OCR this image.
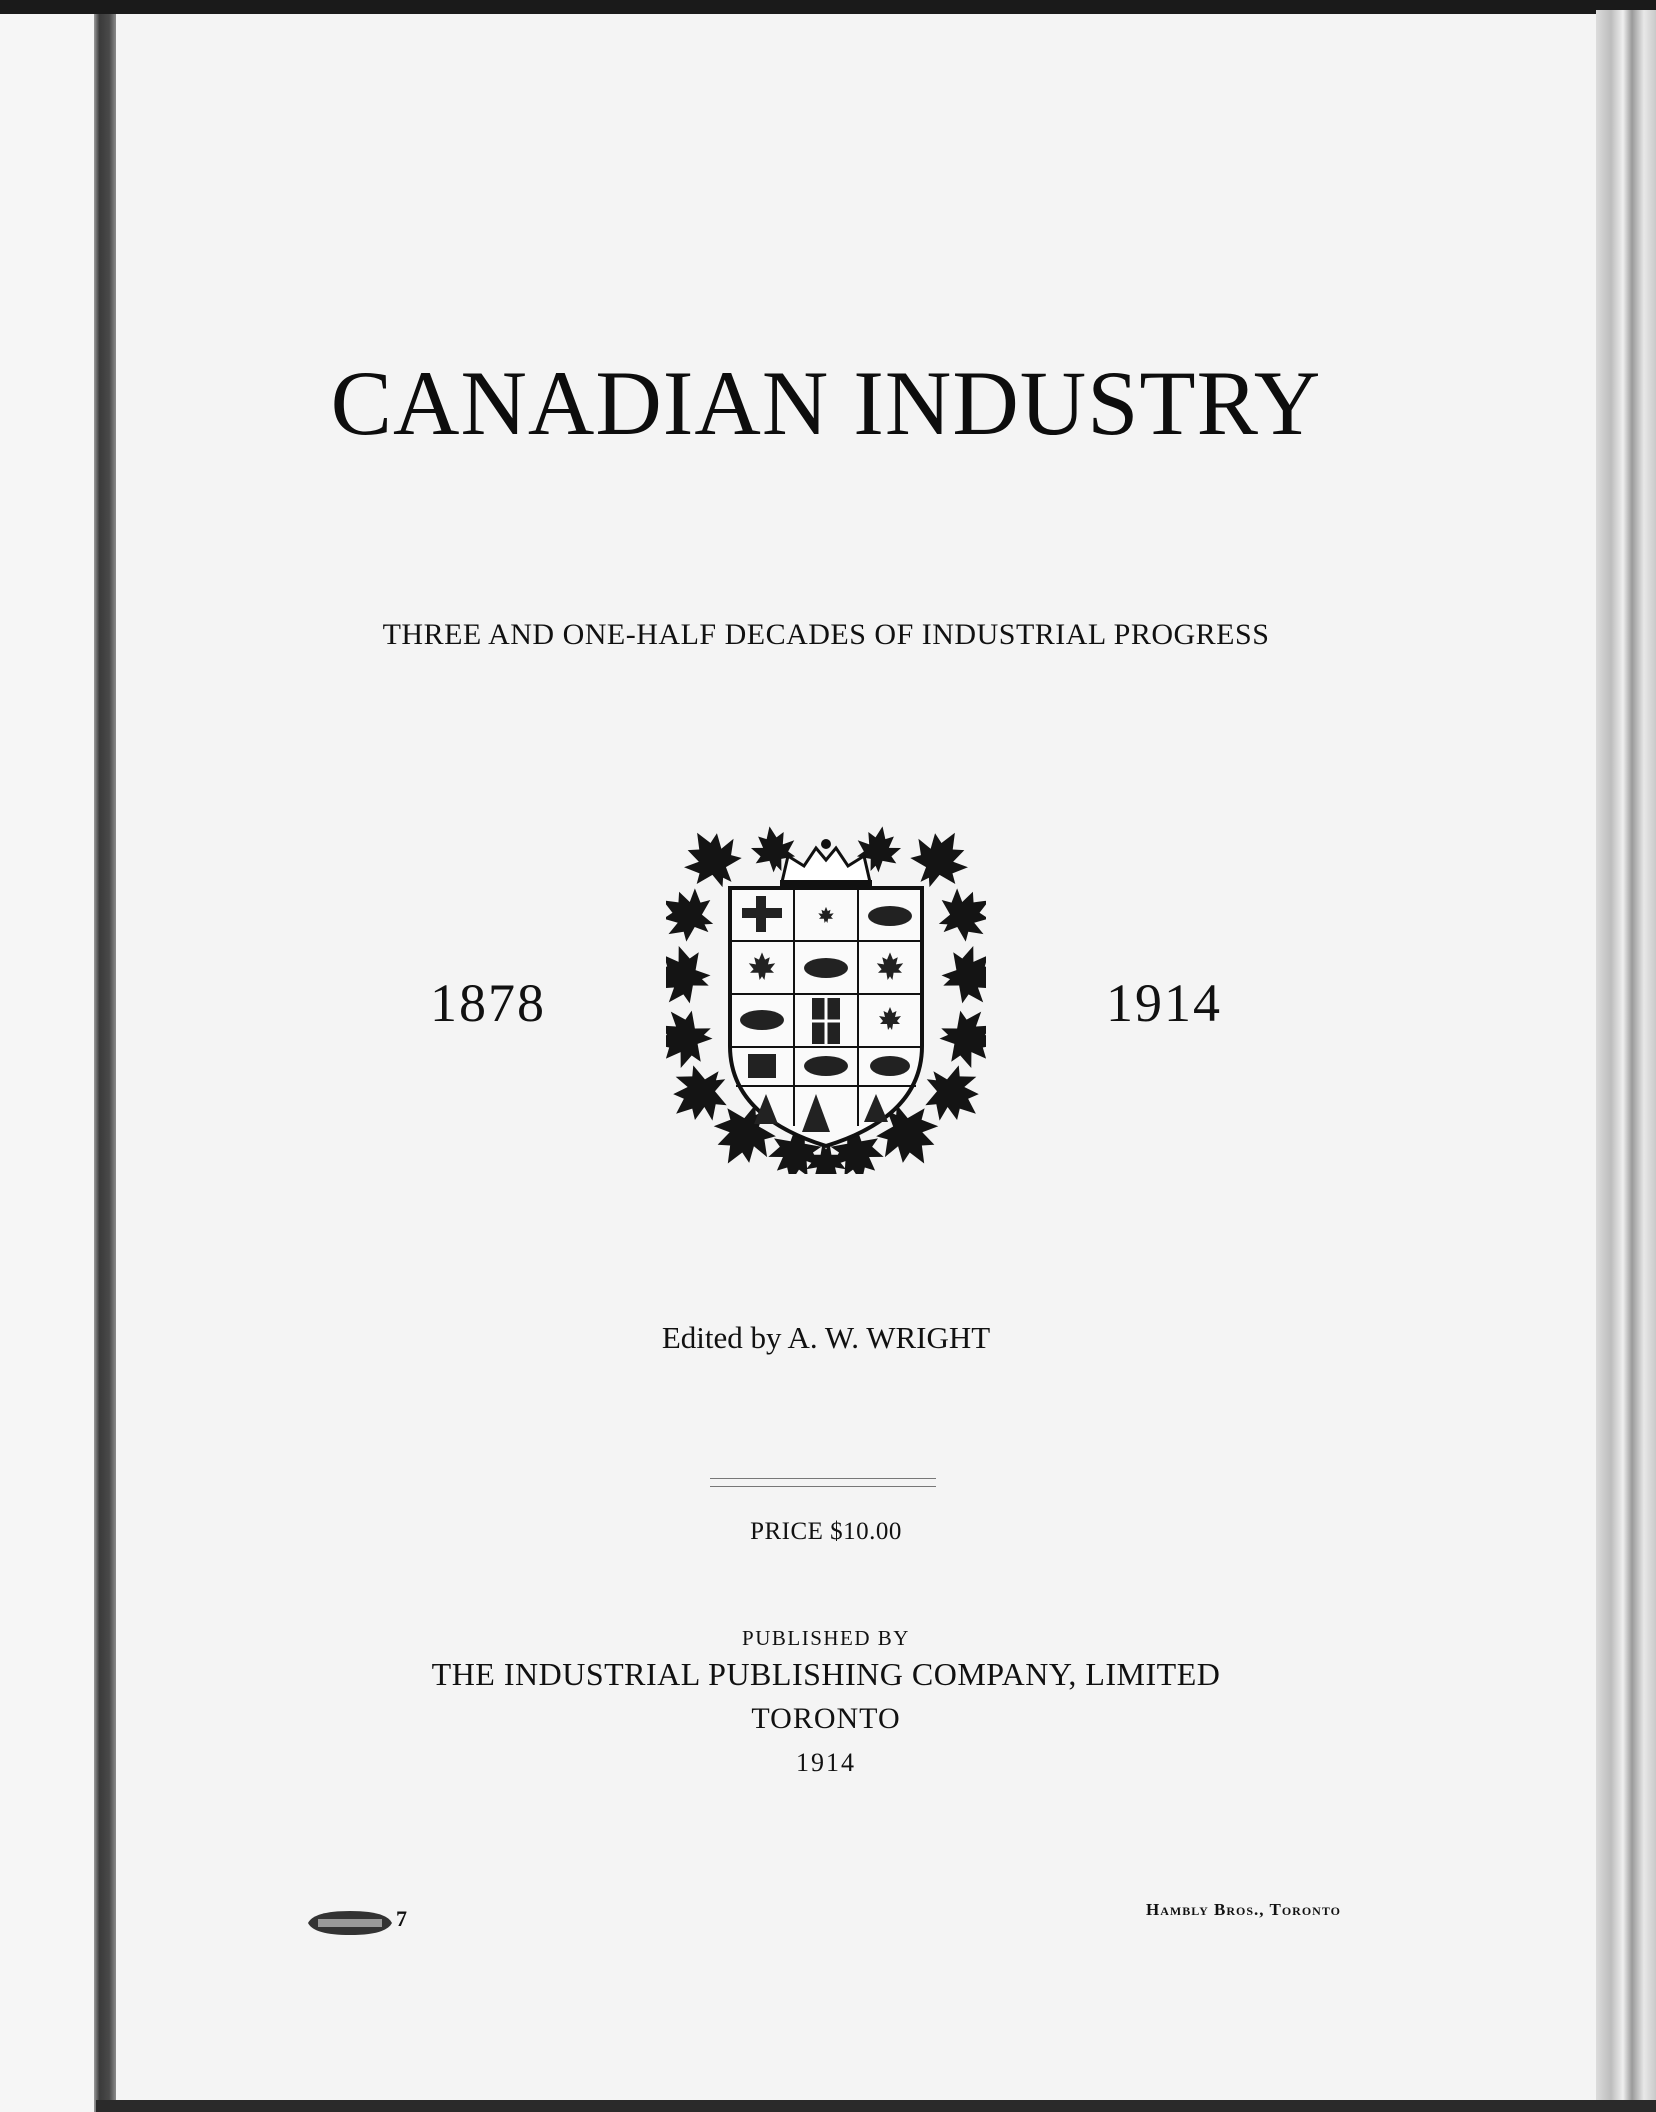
CANADIAN INDUSTRY
THREE AND ONE-HALF DECADES OF INDUSTRIAL PROGRESS
1878	1914
Edited by A. W. WRIGHT
PRICE $10.00
PUBLISHED BY
THE INDUSTRIAL PUBLISHING COMPANY, LIMITED
TORONTO
1914
7	Hambly Bros., Toronto
